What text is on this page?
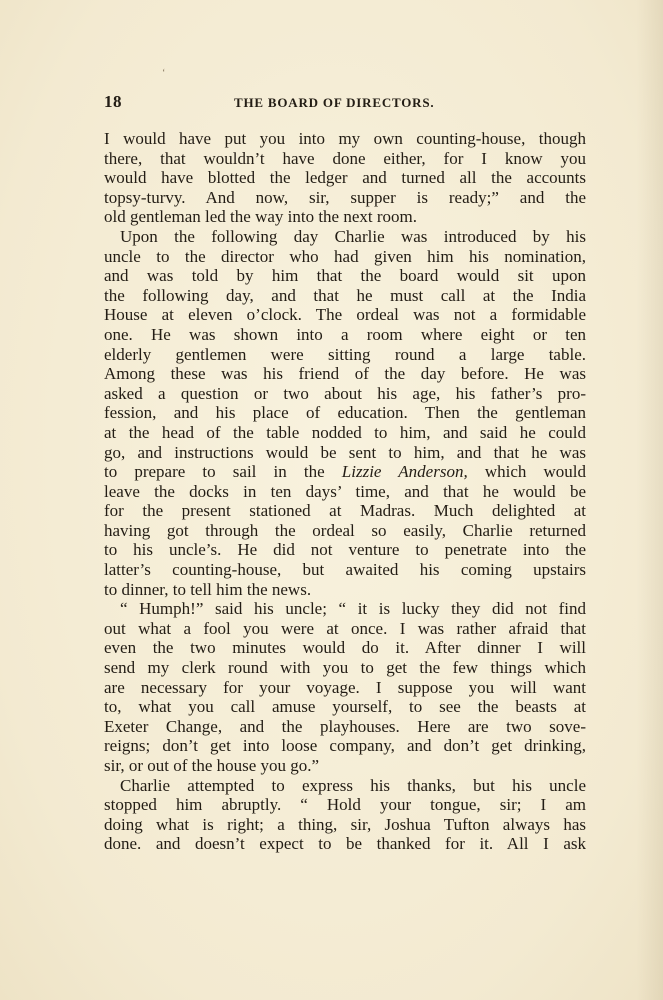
‘
18	THE BOARD OF DIRECTORS.
I would have put you into my own counting-house, though
there, that wouldn’t have done either, for I know you
would have blotted the ledger and turned all the accounts
topsy-turvy. And now, sir, supper is ready;” and the
old gentleman led the way into the next room.
Upon the following day Charlie was introduced by his
uncle to the director who had given him his nomination,
and was told by him that the board would sit upon
the following day, and that he must call at the India
House at eleven o’clock. The ordeal was not a formidable
one. He was shown into a room where eight or ten
elderly gentlemen were sitting round a large table.
Among these was his friend of the day before. He was
asked a question or two about his age, his father’s pro-
fession, and his place of education. Then the gentleman
at the head of the table nodded to him, and said he could
go, and instructions would be sent to him, and that he was
to prepare to sail in the Lizzie Anderson, which would
leave the docks in ten days’ time, and that he would be
for the present stationed at Madras. Much delighted at
having got through the ordeal so easily, Charlie returned
to his uncle’s. He did not venture to penetrate into the
latter’s counting-house, but awaited his coming upstairs
to dinner, to tell him the news.
“ Humph!” said his uncle; “ it is lucky they did not find
out what a fool you were at once. I was rather afraid that
even the two minutes would do it. After dinner I will
send my clerk round with you to get the few things which
are necessary for your voyage. I suppose you will want
to, what you call amuse yourself, to see the beasts at
Exeter Change, and the playhouses. Here are two sove-
reigns; don’t get into loose company, and don’t get drinking,
sir, or out of the house you go.”
Charlie attempted to express his thanks, but his uncle
stopped him abruptly. “ Hold your tongue, sir; I am
doing what is right; a thing, sir, Joshua Tufton always has
done. and doesn’t expect to be thanked for it. All I ask
